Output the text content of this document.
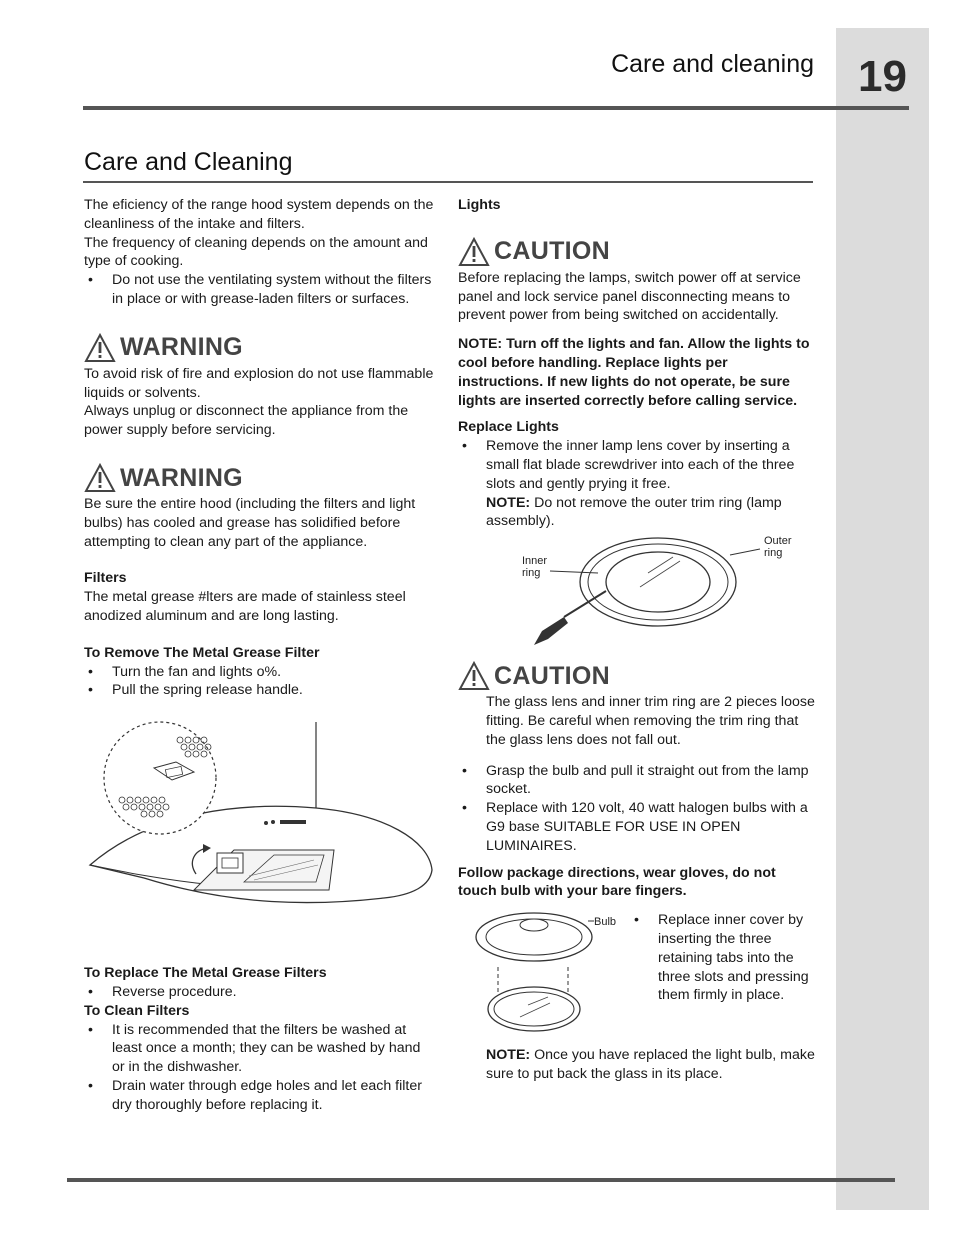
19
Care and cleaning
Care and Cleaning

The eficiency of the range hood system depends on the cleanliness of the intake and filters.

The frequency of cleaning depends on the amount and type of cooking.

• Do not use the ventilating system without the filters in place or with grease-laden filters or surfaces.
WARNING

To avoid risk of fire and explosion do not use flammable liquids or solvents.

Always unplug or disconnect the appliance from the power supply before servicing.

WARNING

Be sure the entire hood (including the filters and light bulbs) has cooled and grease has solidified before attempting to clean any part of the appliance.

Filters

The metal grease #lters are made of stainless steel anodized aluminum and are long lasting.

To Remove The Metal Grease Filter

• Turn the fan and lights o%.
• Pull the spring release handle.

To Replace The Metal Grease Filters

• Reverse procedure.

To Clean Filters

• It is recommended that the filters be washed at least once a month; they can be washed by hand or in the dishwasher.
• Drain water through edge holes and let each filter dry thoroughly before replacing it.

Lights

CAUTION

Before replacing the lamps, switch power off at service panel and lock service panel disconnecting means to prevent power from being switched on accidentally.

NOTE: Turn off the lights and fan. Allow the lights to cool before handling. Replace lights per instructions. If new lights do not operate, be sure lights are inserted correctly before calling service.

Replace Lights

• Remove the inner lamp lens cover by inserting a small flat blade screwdriver into each of the three slots and gently prying it free.

NOTE: Do not remove the outer trim ring (lamp assembly).

Inner ring
Outer ring
CAUTION

The glass lens and inner trim ring are 2 pieces loose fitting. Be careful when removing the trim ring that the glass lens does not fall out.

• Grasp the bulb and pull it straight out from the lamp socket.
• Replace with 120 volt, 40 watt halogen bulbs with a G9 base SUITABLE FOR USE IN OPEN LUMINAIRES.

Follow package directions, wear gloves, do not touch bulb with your bare fingers.

Bulb
•	Replace inner cover by inserting the three retaining tabs into the three slots and pressing them firmly in place.

NOTE: Once you have replaced the light bulb, make sure to put back the glass in its place.
